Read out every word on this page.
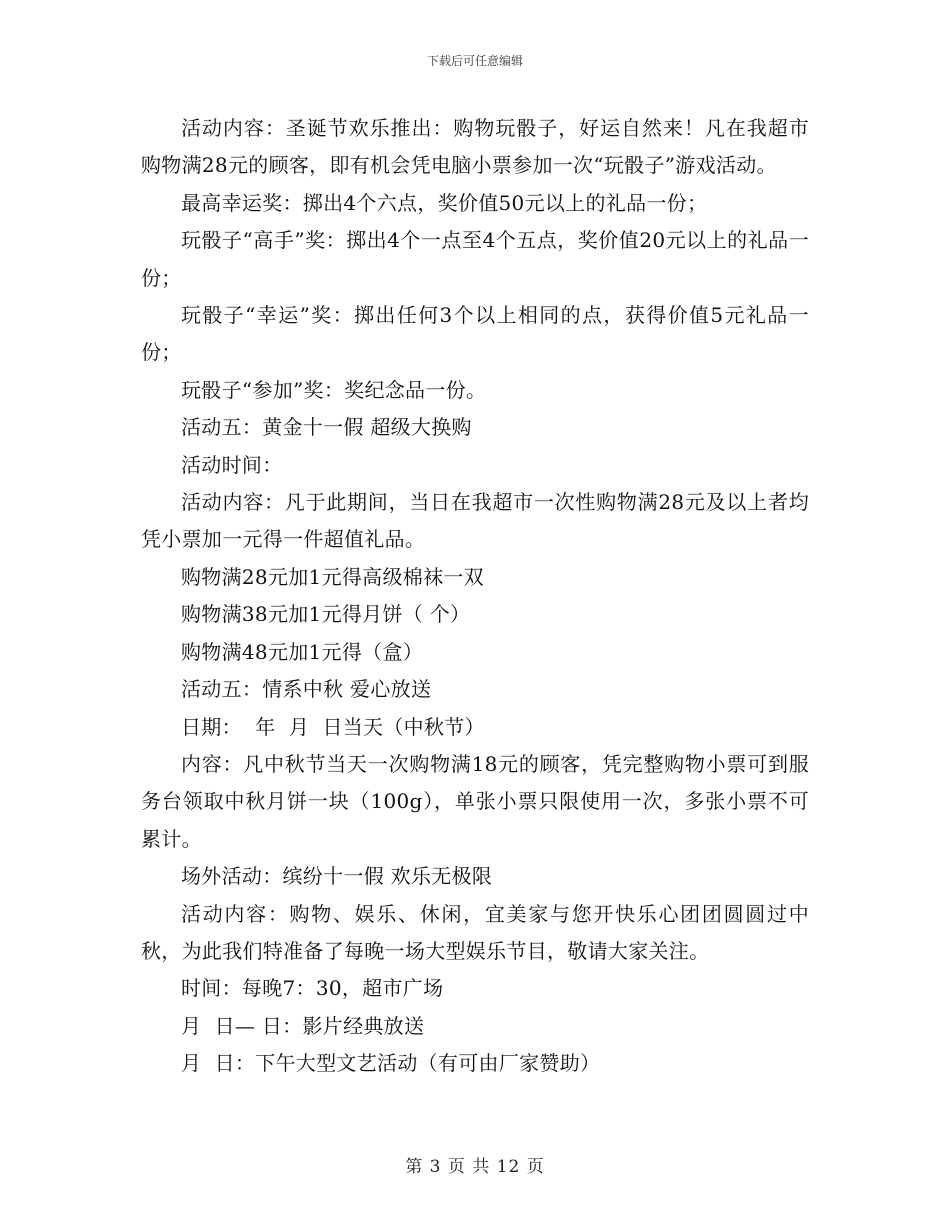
下载后可任意编辑

活动内容：圣诞节欢乐推出：购物玩骰子，好运自然来！凡在我超市购物满28元的顾客，即有机会凭电脑小票参加一次“玩骰子”游戏活动。

最高幸运奖：掷出4个六点，奖价值50元以上的礼品一份；

玩骰子“高手”奖：掷出4个一点至4个五点，奖价值20元以上的礼品一份；

玩骰子“幸运”奖：掷出任何3个以上相同的点，获得价值5元礼品一份；

玩骰子“参加”奖：奖纪念品一份。

活动五：黄金十一假 超级大换购

活动时间：

活动内容：凡于此期间，当日在我超市一次性购物满28元及以上者均凭小票加一元得一件超值礼品。

购物满28元加1元得高级棉袜一双

购物满38元加1元得月饼（ 个）

购物满48元加1元得（盒）

活动五：情系中秋 爱心放送

日期：  年  月  日当天（中秋节）

内容：凡中秋节当天一次购物满18元的顾客，凭完整购物小票可到服务台领取中秋月饼一块（100g），单张小票只限使用一次，多张小票不可累计。

场外活动：缤纷十一假 欢乐无极限

活动内容：购物、娱乐、休闲，宜美家与您开快乐心团团圆圆过中秋，为此我们特准备了每晚一场大型娱乐节目，敬请大家关注。

时间：每晚7：30，超市广场

月  日— 日：影片经典放送

月  日：下午大型文艺活动（有可由厂家赞助）

第 3 页 共 12 页
